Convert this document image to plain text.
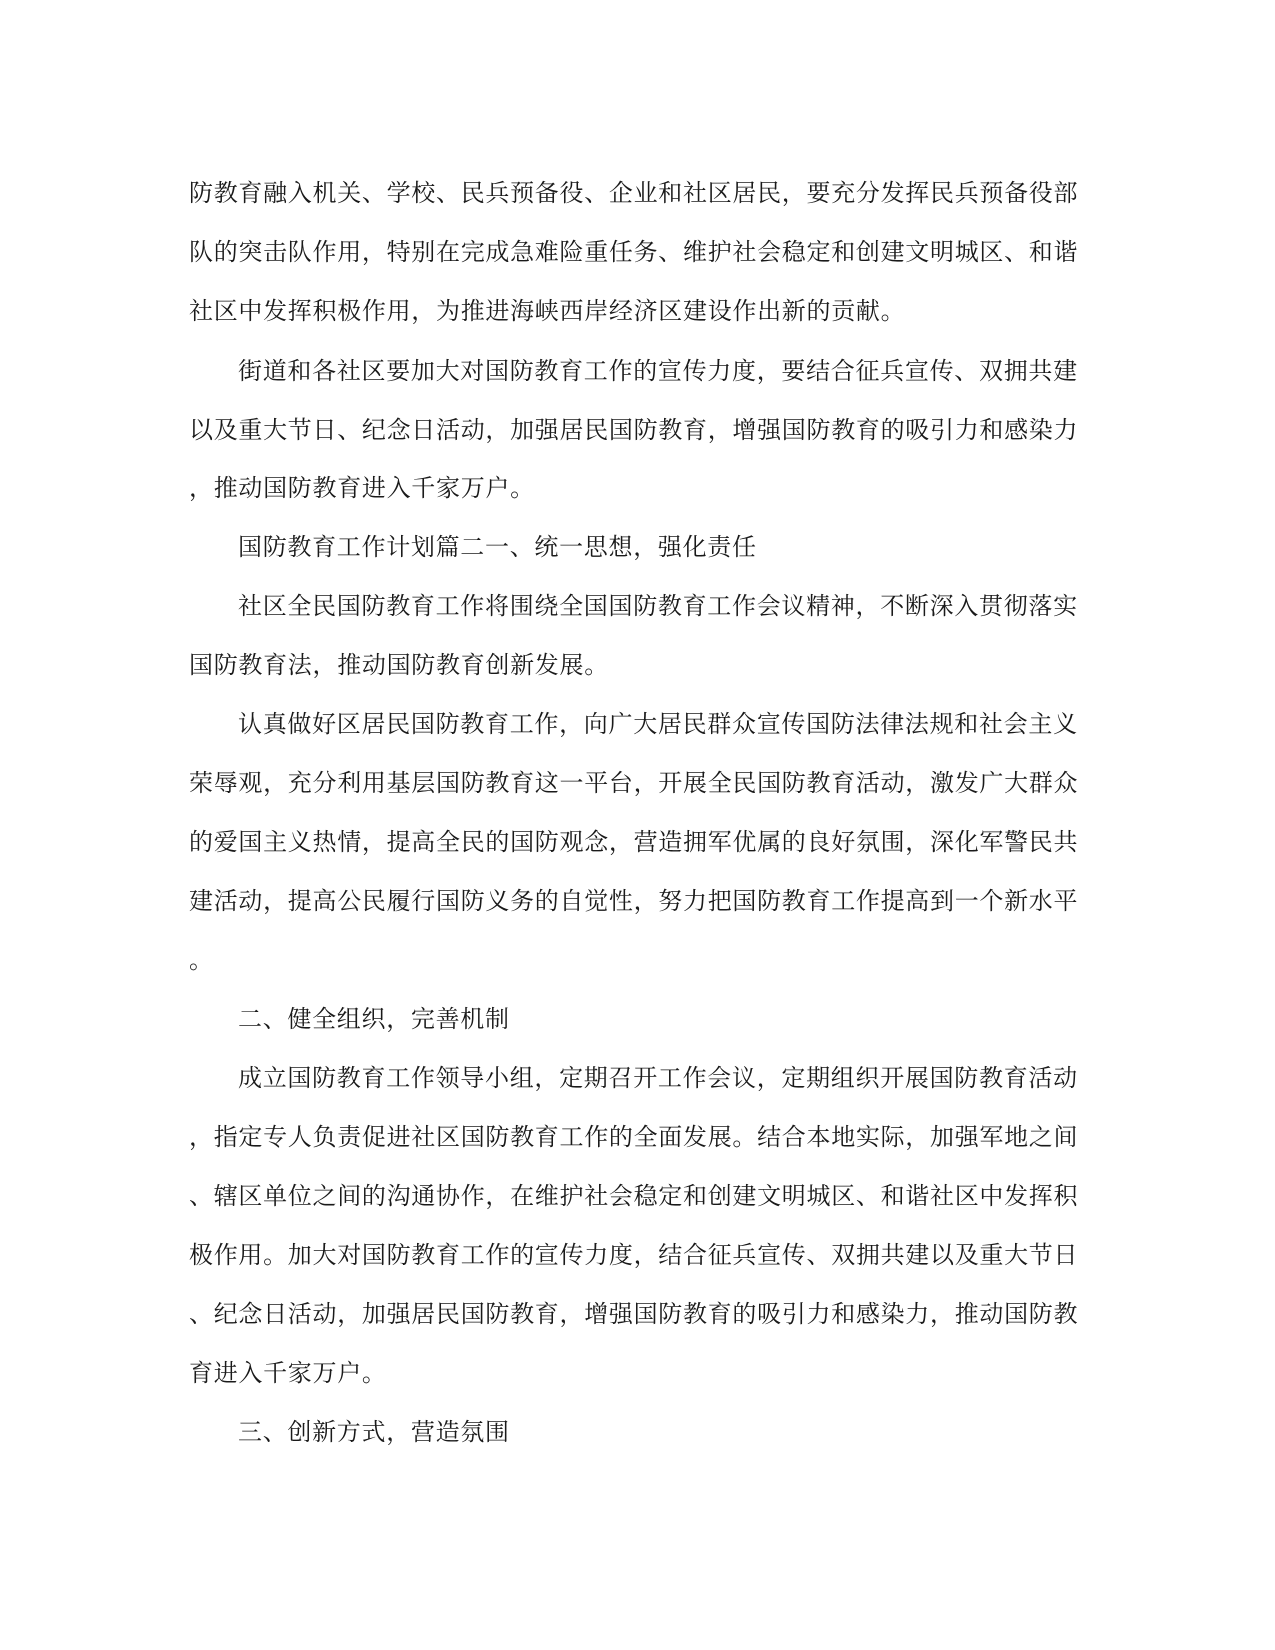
防教育融入机关、学校、民兵预备役、企业和社区居民，要充分发挥民兵预备役部
队的突击队作用，特别在完成急难险重任务、维护社会稳定和创建文明城区、和谐
社区中发挥积极作用，为推进海峡西岸经济区建设作出新的贡献。
街道和各社区要加大对国防教育工作的宣传力度，要结合征兵宣传、双拥共建
以及重大节日、纪念日活动，加强居民国防教育，增强国防教育的吸引力和感染力
，推动国防教育进入千家万户。
国防教育工作计划篇二一、统一思想，强化责任
社区全民国防教育工作将围绕全国国防教育工作会议精神，不断深入贯彻落实
国防教育法，推动国防教育创新发展。
认真做好区居民国防教育工作，向广大居民群众宣传国防法律法规和社会主义
荣辱观，充分利用基层国防教育这一平台，开展全民国防教育活动，激发广大群众
的爱国主义热情，提高全民的国防观念，营造拥军优属的良好氛围，深化军警民共
建活动，提高公民履行国防义务的自觉性，努力把国防教育工作提高到一个新水平
。
二、健全组织，完善机制
成立国防教育工作领导小组，定期召开工作会议，定期组织开展国防教育活动
，指定专人负责促进社区国防教育工作的全面发展。结合本地实际，加强军地之间
、辖区单位之间的沟通协作，在维护社会稳定和创建文明城区、和谐社区中发挥积
极作用。加大对国防教育工作的宣传力度，结合征兵宣传、双拥共建以及重大节日
、纪念日活动，加强居民国防教育，增强国防教育的吸引力和感染力，推动国防教
育进入千家万户。
三、创新方式，营造氛围
